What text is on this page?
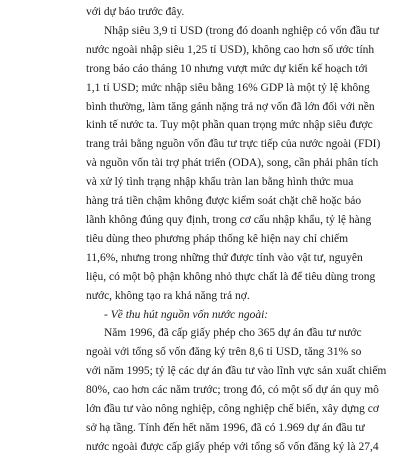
với dự báo trước đây.
Nhập siêu 3,9 tỉ USD (trong đó doanh nghiệp có vốn đầu tư
nước ngoài nhập siêu 1,25 tỉ USD), không cao hơn số ước tính
trong báo cáo tháng 10 nhưng vượt mức dự kiến kế hoạch tới
1,1 tỉ USD; mức nhập siêu bằng 16% GDP là một tỷ lệ không
bình thường, làm tăng gánh nặng trả nợ vốn đã lớn đối với nền
kinh tế nước ta. Tuy một phần quan trọng mức nhập siêu được
trang trải bằng nguồn vốn đầu tư trực tiếp của nước ngoài (FDI)
và nguồn vốn tài trợ phát triển (ODA), song, cần phải phân tích
và xử lý tình trạng nhập khẩu tràn lan bằng hình thức mua
hàng trả tiền chậm không được kiểm soát chặt chẽ hoặc bảo
lãnh không đúng quy định, trong cơ cấu nhập khẩu, tỷ lệ hàng
tiêu dùng theo phương pháp thống kê hiện nay chỉ chiếm
11,6%, nhưng trong những thứ được tính vào vật tư, nguyên
liệu, có một bộ phận không nhỏ thực chất là để tiêu dùng trong
nước, không tạo ra khả năng trả nợ.
- Về thu hút nguồn vốn nước ngoài:
Năm 1996, đã cấp giấy phép cho 365 dự án đầu tư nước
ngoài với tổng số vốn đăng ký trên 8,6 tỉ USD, tăng 31% so
với năm 1995; tỷ lệ các dự án đầu tư vào lĩnh vực sản xuất chiếm
80%, cao hơn các năm trước; trong đó, có một số dự án quy mô
lớn đầu tư vào nông nghiệp, công nghiệp chế biến, xây dựng cơ
sở hạ tầng. Tính đến hết năm 1996, đã có 1.969 dự án đầu tư
nước ngoài được cấp giấy phép với tổng số vốn đăng ký là 27,4
